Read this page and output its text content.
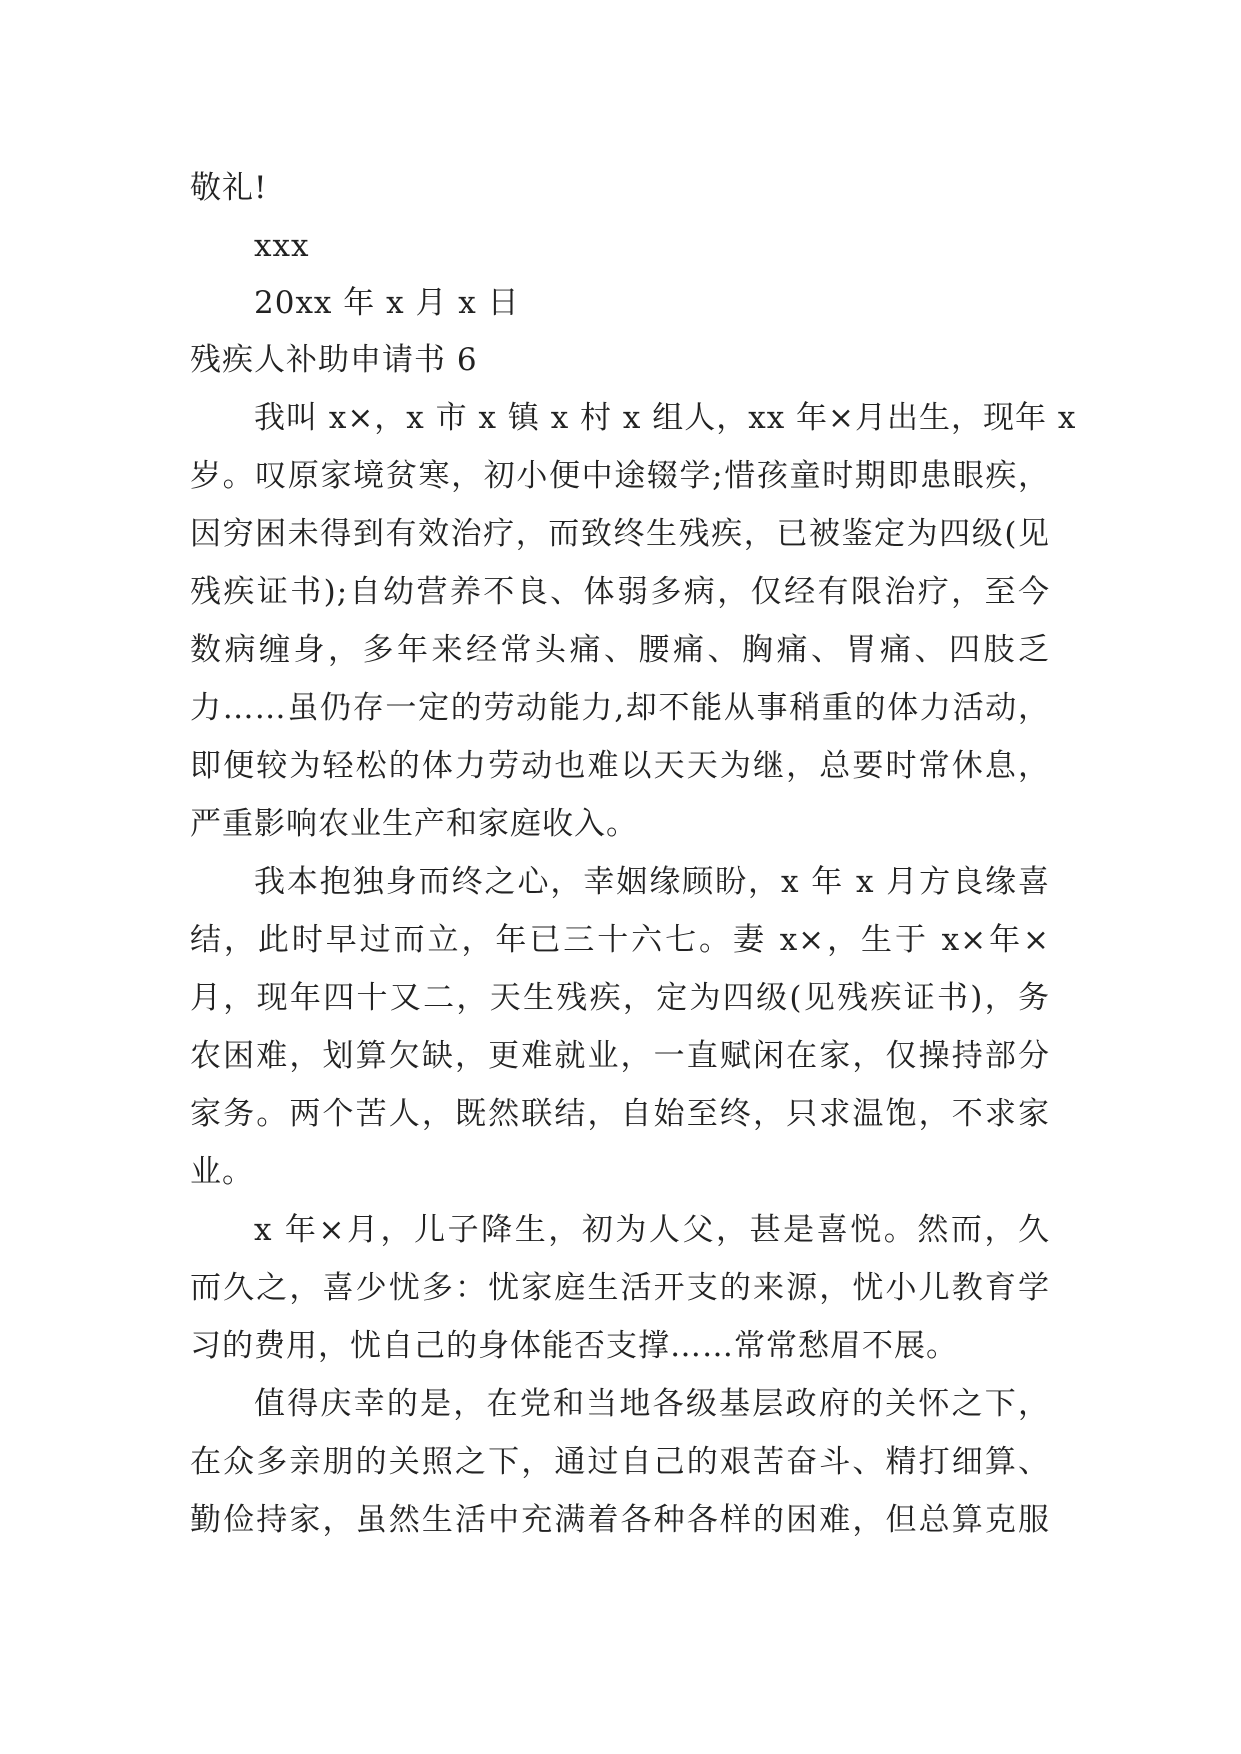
敬礼!
xxx
20xx 年 x 月 x 日
残疾人补助申请书 6
我叫 x×，x 市 x 镇 x 村 x 组人，xx 年×月出生，现年 x
岁。叹原家境贫寒，初小便中途辍学;惜孩童时期即患眼疾，
因穷困未得到有效治疗，而致终生残疾，已被鉴定为四级(见
残疾证书);自幼营养不良、体弱多病，仅经有限治疗，至今
数病缠身，多年来经常头痛、腰痛、胸痛、胃痛、四肢乏
力……虽仍存一定的劳动能力,却不能从事稍重的体力活动，
即便较为轻松的体力劳动也难以天天为继，总要时常休息，
严重影响农业生产和家庭收入。
我本抱独身而终之心，幸姻缘顾盼，x 年 x 月方良缘喜
结，此时早过而立，年已三十六七。妻 x×，生于 x×年×
月，现年四十又二，天生残疾，定为四级(见残疾证书)，务
农困难，划算欠缺，更难就业，一直赋闲在家，仅操持部分
家务。两个苦人，既然联结，自始至终，只求温饱，不求家
业。
x 年×月，儿子降生，初为人父，甚是喜悦。然而，久
而久之，喜少忧多：忧家庭生活开支的来源，忧小儿教育学
习的费用，忧自己的身体能否支撑……常常愁眉不展。
值得庆幸的是，在党和当地各级基层政府的关怀之下，
在众多亲朋的关照之下，通过自己的艰苦奋斗、精打细算、
勤俭持家，虽然生活中充满着各种各样的困难，但总算克服
